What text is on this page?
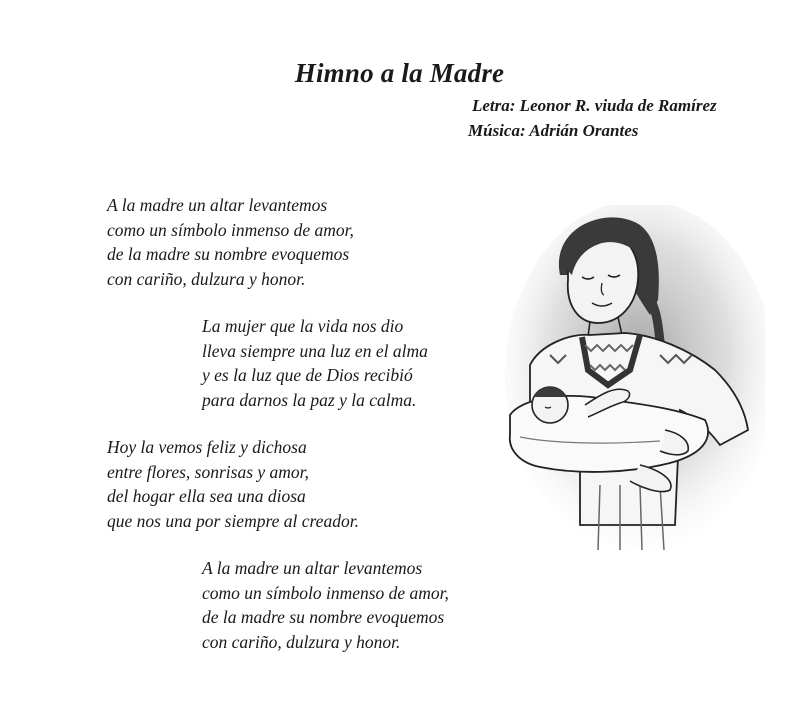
Himno a la Madre
Letra: Leonor R. viuda de Ramírez
Música: Adrián Orantes
A la madre un altar levantemos
como un símbolo inmenso de amor,
de la madre su nombre evoquemos
con cariño, dulzura y honor.
La mujer que la vida nos dio
lleva siempre una luz en el alma
y es la luz que de Dios recibió
para darnos la paz y la calma.
Hoy la vemos feliz y dichosa
entre flores, sonrisas y amor,
del hogar ella sea una diosa
que nos una por siempre al creador.
A la madre un altar levantemos
como un símbolo inmenso de amor,
de la madre su nombre evoquemos
con cariño, dulzura y honor.
